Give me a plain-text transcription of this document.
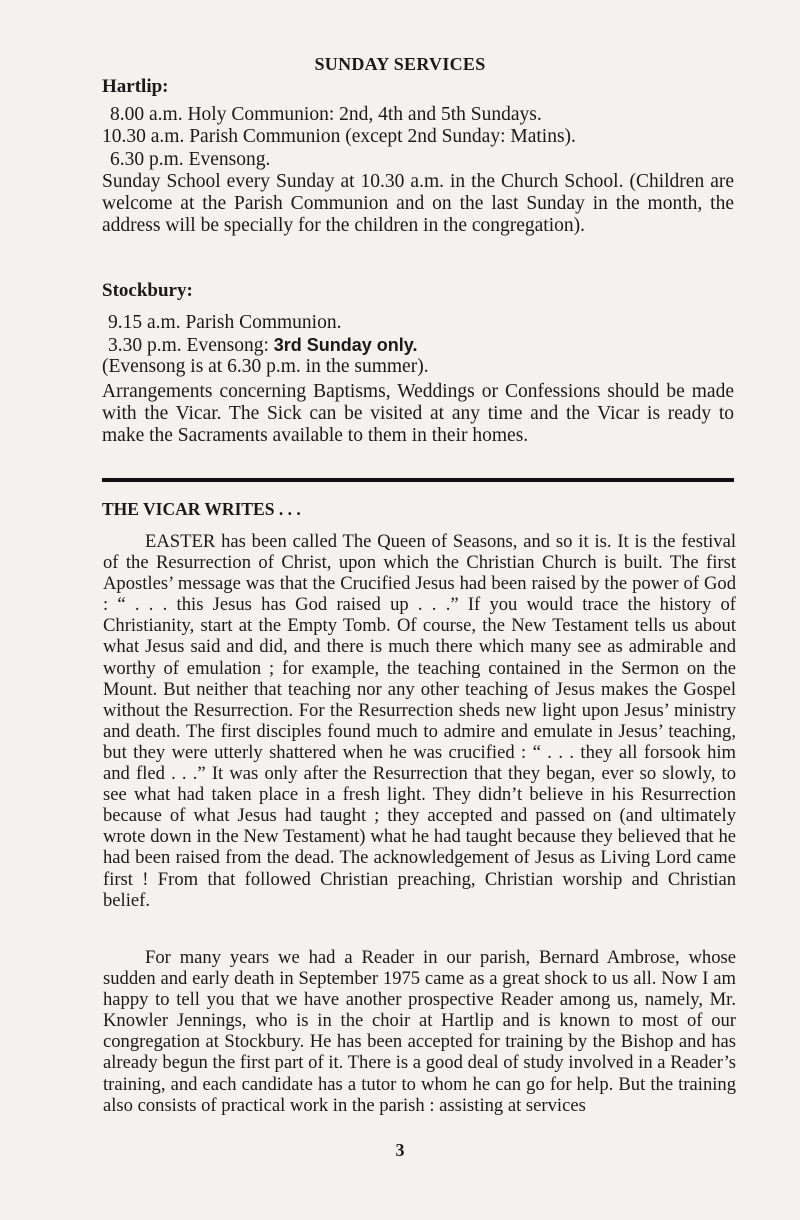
SUNDAY SERVICES
Hartlip:
8.00 a.m. Holy Communion: 2nd, 4th and 5th Sundays.
10.30 a.m. Parish Communion (except 2nd Sunday: Matins).
6.30 p.m. Evensong.
Sunday School every Sunday at 10.30 a.m. in the Church School. (Children are welcome at the Parish Communion and on the last Sunday in the month, the address will be specially for the children in the congregation).
Stockbury:
9.15 a.m. Parish Communion.
3.30 p.m. Evensong: 3rd Sunday only.
(Evensong is at 6.30 p.m. in the summer).
Arrangements concerning Baptisms, Weddings or Confessions should be made with the Vicar. The Sick can be visited at any time and the Vicar is ready to make the Sacraments available to them in their homes.
THE VICAR WRITES . . .
EASTER has been called The Queen of Seasons, and so it is. It is the festival of the Resurrection of Christ, upon which the Christian Church is built. The first Apostles’ message was that the Crucified Jesus had been raised by the power of God : “ . . . this Jesus has God raised up . . .” If you would trace the history of Christianity, start at the Empty Tomb. Of course, the New Testament tells us about what Jesus said and did, and there is much there which many see as admirable and worthy of emulation ; for example, the teaching contained in the Sermon on the Mount. But neither that teaching nor any other teaching of Jesus makes the Gospel without the Resurrection. For the Resurrection sheds new light upon Jesus’ ministry and death. The first disciples found much to admire and emulate in Jesus’ teaching, but they were utterly shattered when he was crucified : “ . . . they all forsook him and fled . . .” It was only after the Resurrection that they began, ever so slowly, to see what had taken place in a fresh light. They didn’t believe in his Resurrection because of what Jesus had taught ; they accepted and passed on (and ultimately wrote down in the New Testament) what he had taught because they believed that he had been raised from the dead. The acknowledgement of Jesus as Living Lord came first ! From that followed Christian preaching, Christian worship and Christian belief.
For many years we had a Reader in our parish, Bernard Ambrose, whose sudden and early death in September 1975 came as a great shock to us all. Now I am happy to tell you that we have another prospective Reader among us, namely, Mr. Knowler Jennings, who is in the choir at Hartlip and is known to most of our congregation at Stockbury. He has been accepted for training by the Bishop and has already begun the first part of it. There is a good deal of study involved in a Reader’s training, and each candidate has a tutor to whom he can go for help. But the training also consists of practical work in the parish : assisting at services
3
